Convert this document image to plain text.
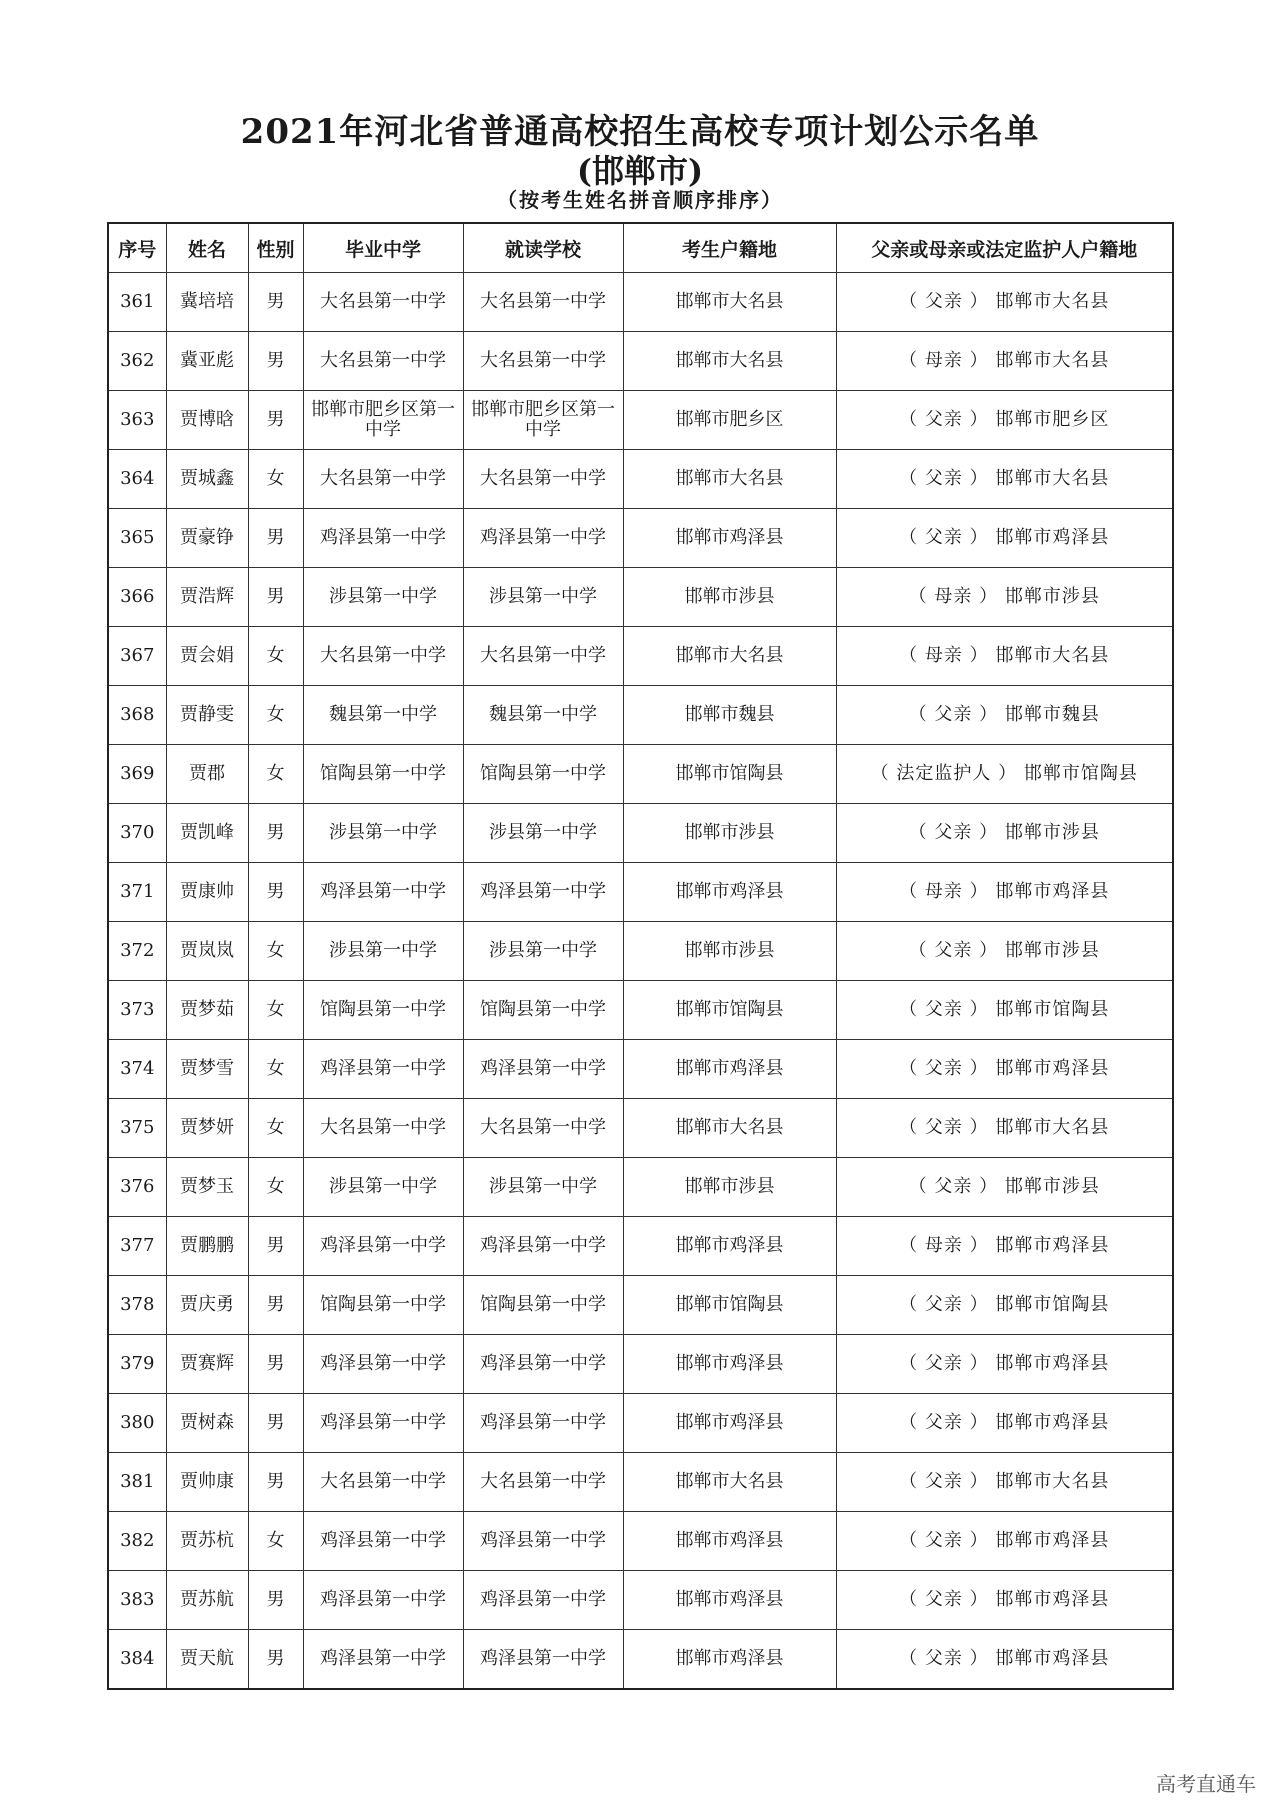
2021年河北省普通高校招生高校专项计划公示名单
(邯郸市)
（按考生姓名拼音顺序排序）
序号	姓名	性别	毕业中学	就读学校	考生户籍地	父亲或母亲或法定监护人户籍地
361	冀培培	男	大名县第一中学	大名县第一中学	邯郸市大名县	（ 父亲 ） 邯郸市大名县
362	冀亚彪	男	大名县第一中学	大名县第一中学	邯郸市大名县	（ 母亲 ） 邯郸市大名县
363	贾博晗	男	邯郸市肥乡区第一中学	邯郸市肥乡区第一中学	邯郸市肥乡区	（ 父亲 ） 邯郸市肥乡区
364	贾城鑫	女	大名县第一中学	大名县第一中学	邯郸市大名县	（ 父亲 ） 邯郸市大名县
365	贾豪铮	男	鸡泽县第一中学	鸡泽县第一中学	邯郸市鸡泽县	（ 父亲 ） 邯郸市鸡泽县
366	贾浩辉	男	涉县第一中学	涉县第一中学	邯郸市涉县	（ 母亲 ） 邯郸市涉县
367	贾会娟	女	大名县第一中学	大名县第一中学	邯郸市大名县	（ 母亲 ） 邯郸市大名县
368	贾静雯	女	魏县第一中学	魏县第一中学	邯郸市魏县	（ 父亲 ） 邯郸市魏县
369	贾郡	女	馆陶县第一中学	馆陶县第一中学	邯郸市馆陶县	（ 法定监护人 ） 邯郸市馆陶县
370	贾凯峰	男	涉县第一中学	涉县第一中学	邯郸市涉县	（ 父亲 ） 邯郸市涉县
371	贾康帅	男	鸡泽县第一中学	鸡泽县第一中学	邯郸市鸡泽县	（ 母亲 ） 邯郸市鸡泽县
372	贾岚岚	女	涉县第一中学	涉县第一中学	邯郸市涉县	（ 父亲 ） 邯郸市涉县
373	贾梦茹	女	馆陶县第一中学	馆陶县第一中学	邯郸市馆陶县	（ 父亲 ） 邯郸市馆陶县
374	贾梦雪	女	鸡泽县第一中学	鸡泽县第一中学	邯郸市鸡泽县	（ 父亲 ） 邯郸市鸡泽县
375	贾梦妍	女	大名县第一中学	大名县第一中学	邯郸市大名县	（ 父亲 ） 邯郸市大名县
376	贾梦玉	女	涉县第一中学	涉县第一中学	邯郸市涉县	（ 父亲 ） 邯郸市涉县
377	贾鹏鹏	男	鸡泽县第一中学	鸡泽县第一中学	邯郸市鸡泽县	（ 母亲 ） 邯郸市鸡泽县
378	贾庆勇	男	馆陶县第一中学	馆陶县第一中学	邯郸市馆陶县	（ 父亲 ） 邯郸市馆陶县
379	贾赛辉	男	鸡泽县第一中学	鸡泽县第一中学	邯郸市鸡泽县	（ 父亲 ） 邯郸市鸡泽县
380	贾树森	男	鸡泽县第一中学	鸡泽县第一中学	邯郸市鸡泽县	（ 父亲 ） 邯郸市鸡泽县
381	贾帅康	男	大名县第一中学	大名县第一中学	邯郸市大名县	（ 父亲 ） 邯郸市大名县
382	贾苏杭	女	鸡泽县第一中学	鸡泽县第一中学	邯郸市鸡泽县	（ 父亲 ） 邯郸市鸡泽县
383	贾苏航	男	鸡泽县第一中学	鸡泽县第一中学	邯郸市鸡泽县	（ 父亲 ） 邯郸市鸡泽县
384	贾天航	男	鸡泽县第一中学	鸡泽县第一中学	邯郸市鸡泽县	（ 父亲 ） 邯郸市鸡泽县
高考直通车
